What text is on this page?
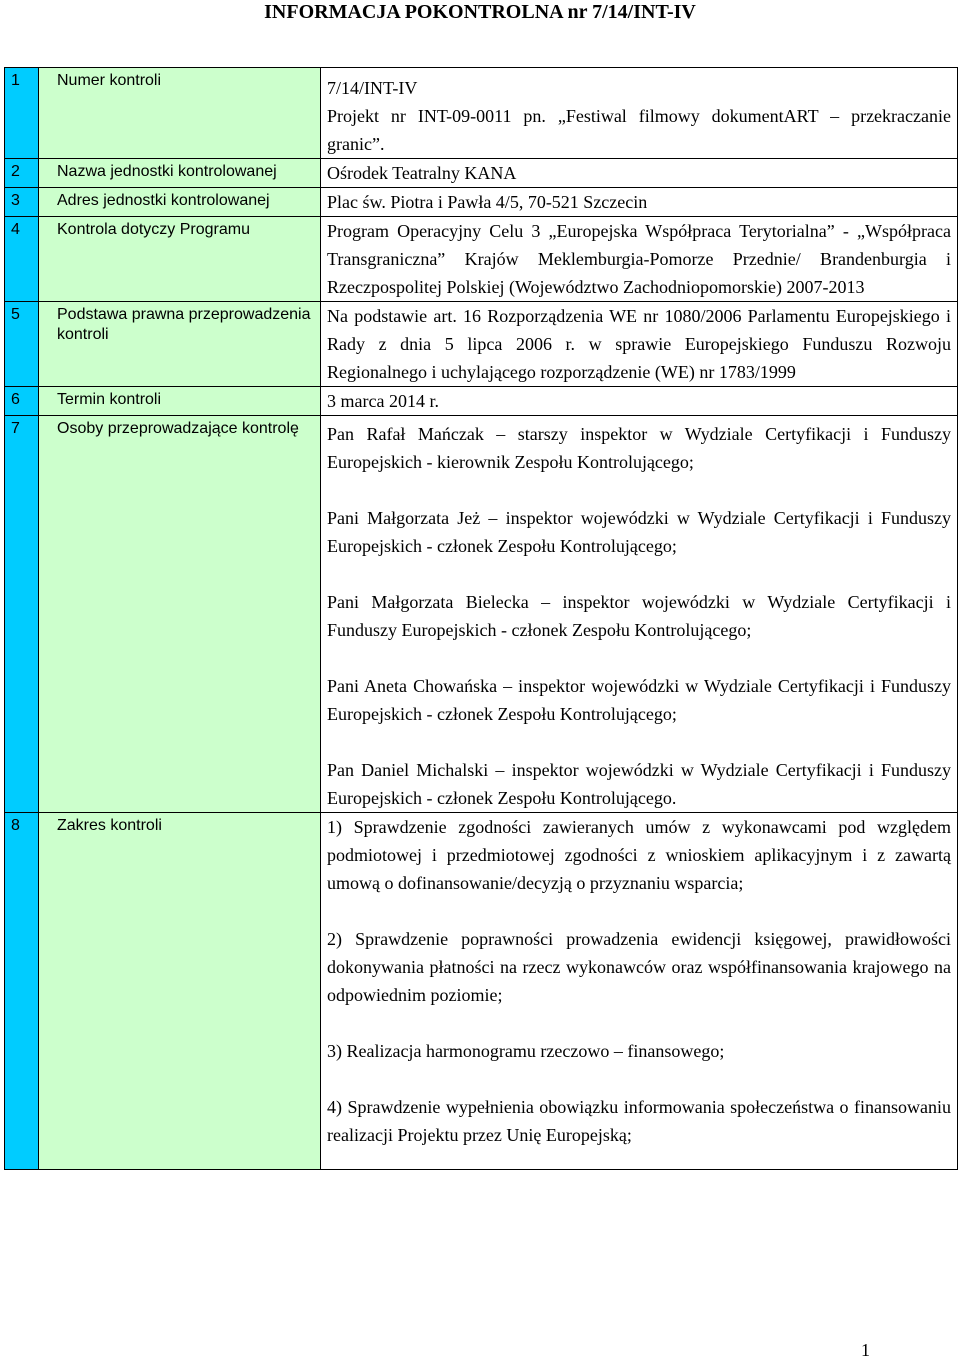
INFORMACJA POKONTROLNA nr 7/14/INT-IV
1	Numer kontroli	7/14/INT-IV
Projekt nr INT-09-0011 pn. „Festiwal filmowy dokumentART – przekraczanie granic”.

2	Nazwa jednostki kontrolowanej	Ośrodek Teatralny KANA
3	Adres jednostki kontrolowanej	Plac św. Piotra i Pawła 4/5, 70-521 Szczecin
4	Kontrola dotyczy Programu	Program Operacyjny Celu 3 „Europejska Współpraca Terytorialna” - „Współpraca Transgraniczna” Krajów Meklemburgia-Pomorze Przednie/ Brandenburgia i Rzeczpospolitej Polskiej (Województwo Zachodniopomorskie) 2007-2013
5	Podstawa prawna przeprowadzenia kontroli	Na podstawie art. 16 Rozporządzenia WE nr 1080/2006 Parlamentu Europejskiego i Rady z dnia 5 lipca 2006 r. w sprawie Europejskiego Funduszu Rozwoju Regionalnego i uchylającego rozporządzenie (WE) nr 1783/1999
6	Termin kontroli	3 marca 2014 r.
7	Osoby przeprowadzające kontrolę	Pan Rafał Mańczak – starszy inspektor w Wydziale Certyfikacji i Funduszy Europejskich - kierownik Zespołu Kontrolującego;

Pani Małgorzata Jeż – inspektor wojewódzki w Wydziale Certyfikacji i Funduszy Europejskich - członek Zespołu Kontrolującego;

Pani Małgorzata Bielecka – inspektor wojewódzki w Wydziale Certyfikacji i Funduszy Europejskich - członek Zespołu Kontrolującego;

Pani Aneta Chowańska – inspektor wojewódzki w Wydziale Certyfikacji i Funduszy Europejskich - członek Zespołu Kontrolującego;

Pan Daniel Michalski – inspektor wojewódzki w Wydziale Certyfikacji i Funduszy Europejskich - członek Zespołu Kontrolującego.

8	Zakres kontroli	1) Sprawdzenie zgodności zawieranych umów z wykonawcami pod względem podmiotowej i przedmiotowej zgodności z wnioskiem aplikacyjnym i z zawartą umową o dofinansowanie/decyzją o przyznaniu wsparcia;

2) Sprawdzenie poprawności prowadzenia ewidencji księgowej, prawidłowości dokonywania płatności na rzecz wykonawców oraz współfinansowania krajowego na odpowiednim poziomie;

3) Realizacja harmonogramu rzeczowo – finansowego;

4) Sprawdzenie wypełnienia obowiązku informowania społeczeństwa o finansowaniu realizacji Projektu przez Unię Europejską;

1
